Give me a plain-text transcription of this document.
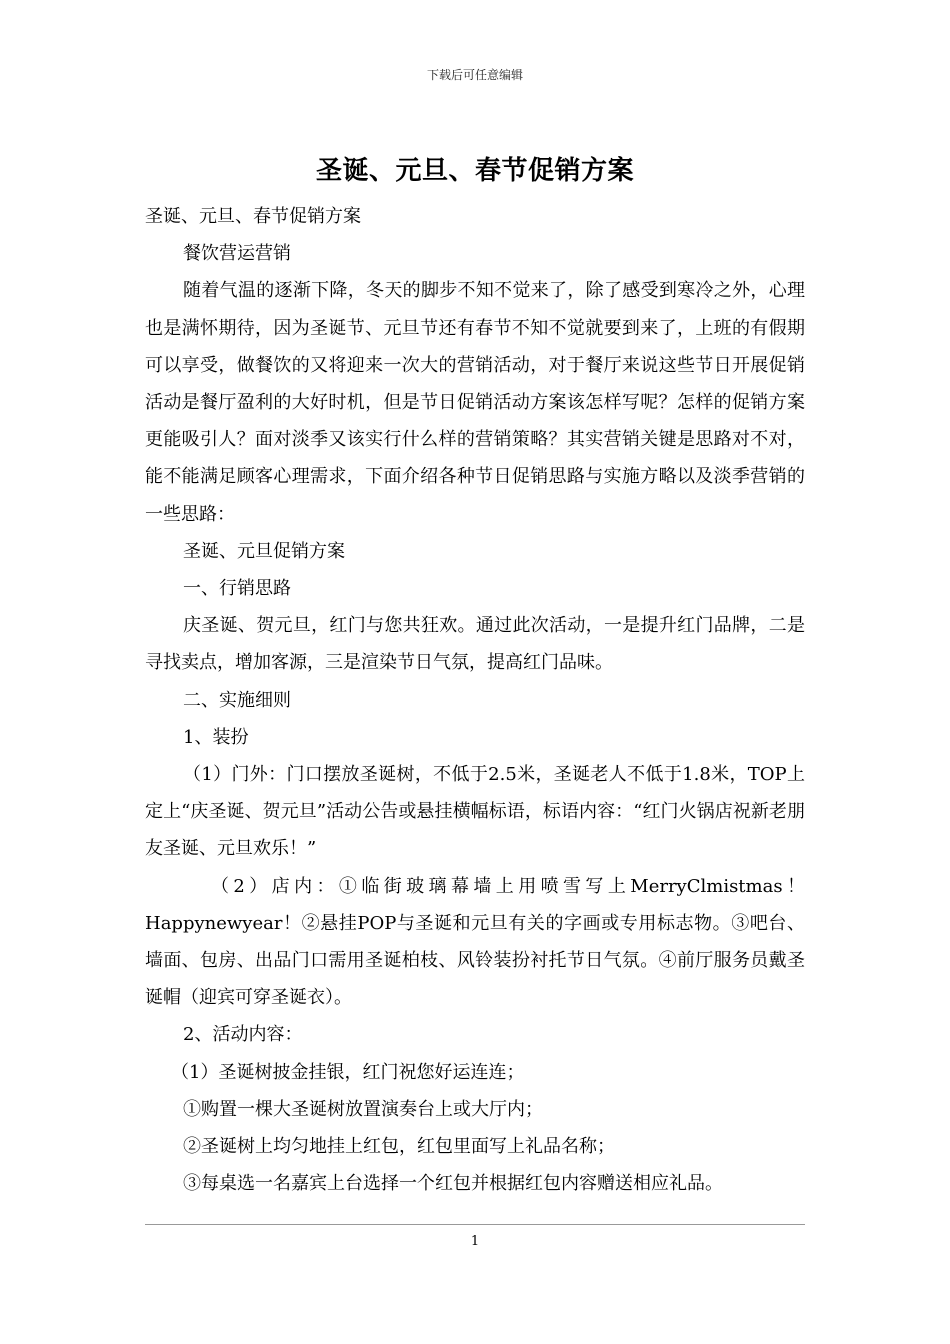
下载后可任意编辑
圣诞、元旦、春节促销方案

圣诞、元旦、春节促销方案

餐饮营运营销

随着气温的逐渐下降，冬天的脚步不知不觉来了，除了感受到寒冷之外，心理也是满怀期待，因为圣诞节、元旦节还有春节不知不觉就要到来了，上班的有假期可以享受，做餐饮的又将迎来一次大的营销活动，对于餐厅来说这些节日开展促销活动是餐厅盈利的大好时机，但是节日促销活动方案该怎样写呢？怎样的促销方案更能吸引人？面对淡季又该实行什么样的营销策略？其实营销关键是思路对不对，能不能满足顾客心理需求，下面介绍各种节日促销思路与实施方略以及淡季营销的一些思路：

圣诞、元旦促销方案

一、行销思路

庆圣诞、贺元旦，红门与您共狂欢。通过此次活动，一是提升红门品牌，二是寻找卖点，增加客源，三是渲染节日气氛，提高红门品味。

二、实施细则

1、装扮

（1）门外：门口摆放圣诞树，不低于2.5米，圣诞老人不低于1.8米，TOP上定上“庆圣诞、贺元旦”活动公告或悬挂横幅标语，标语内容：“红门火锅店祝新老朋友圣诞、元旦欢乐！”

（2）店内：①临街玻璃幕墙上用喷雪写上MerryClmistmas！Happynewyear！②悬挂POP与圣诞和元旦有关的字画或专用标志物。③吧台、墙面、包房、出品门口需用圣诞柏枝、风铃装扮衬托节日气氛。④前厅服务员戴圣诞帽（迎宾可穿圣诞衣）。

2、活动内容：

（1）圣诞树披金挂银，红门祝您好运连连；

①购置一棵大圣诞树放置演奏台上或大厅内；

②圣诞树上均匀地挂上红包，红包里面写上礼品名称；

③每桌选一名嘉宾上台选择一个红包并根据红包内容赠送相应礼品。

1
